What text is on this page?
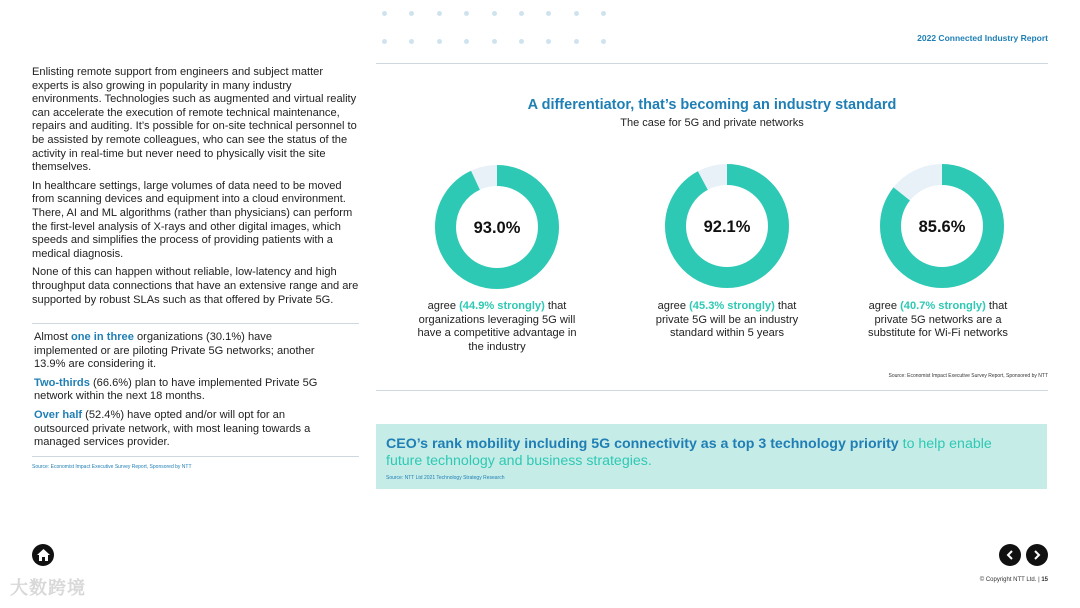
2022 Connected Industry Report

Enlisting remote support from engineers and subject matter experts is also growing in popularity in many industry environments. Technologies such as augmented and virtual reality can accelerate the execution of remote technical maintenance, repairs and auditing. It’s possible for on-site technical personnel to be assisted by remote colleagues, who can see the status of the activity in real-time but never need to physically visit the site themselves.

In healthcare settings, large volumes of data need to be moved from scanning devices and equipment into a cloud environment. There, AI and ML algorithms (rather than physicians) can perform the first-level analysis of X-rays and other digital images, which speeds and simplifies the process of providing patients with a medical diagnosis.

None of this can happen without reliable, low-latency and high throughput data connections that have an extensive range and are supported by robust SLAs such as that offered by Private 5G.

Almost one in three organizations (30.1%) have implemented or are piloting Private 5G networks; another 13.9% are considering it.

Two-thirds (66.6%) plan to have implemented Private 5G network within the next 18 months.

Over half (52.4%) have opted and/or will opt for an outsourced private network, with most leaning towards a managed services provider.

Source: Economist Impact Executive Survey Report, Sponsored by NTT
A differentiator, that’s becoming an industry standard
The case for 5G and private networks
93.0%	92.1%	85.6%
agree (44.9% strongly) that organizations leveraging 5G will have a competitive advantage in the industry
agree (45.3% strongly) that private 5G will be an industry standard within 5 years
agree (40.7% strongly) that private 5G networks are a substitute for Wi-Fi networks
Source: Economist Impact Executive Survey Report, Sponsored by NTT
CEO’s rank mobility including 5G connectivity as a top 3 technology priority to help enable future technology and business strategies.
Source: NTT Ltd 2021 Technology Strategy Research
© Copyright NTT Ltd. | 15
大数跨境
